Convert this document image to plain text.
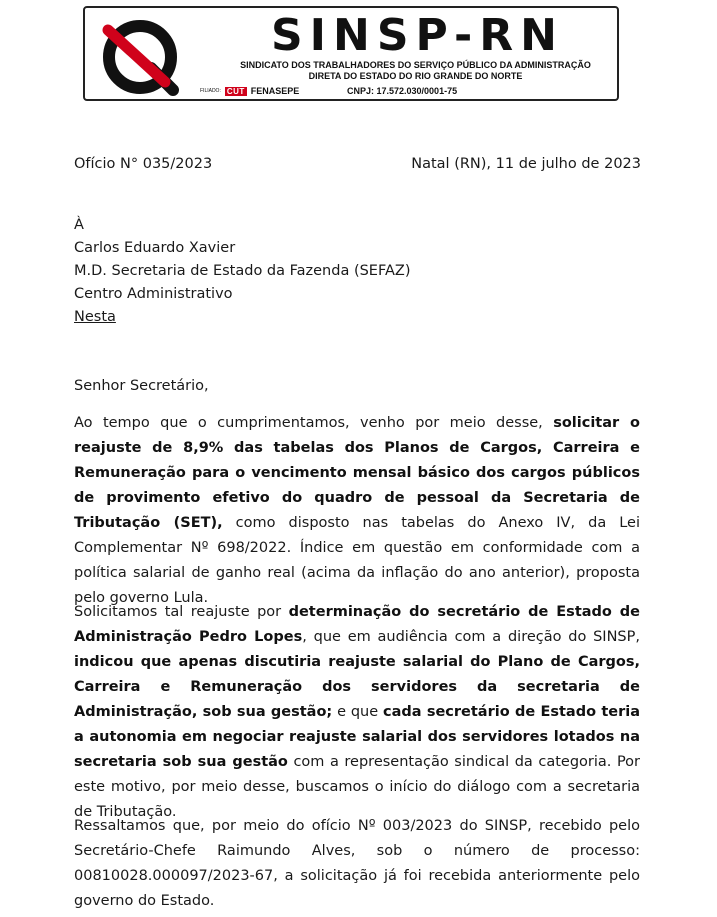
SINSP-RN
SINDICATO DOS TRABALHADORES DO SERVIÇO PÚBLICO DA ADMINISTRAÇÃO
DIRETA DO ESTADO DO RIO GRANDE DO NORTE
FILIADO: CUT FENASEPE	CNPJ: 17.572.030/0001-75
Ofício N° 035/2023	Natal (RN), 11 de julho de 2023
À
Carlos Eduardo Xavier
M.D. Secretaria de Estado da Fazenda (SEFAZ)
Centro Administrativo
Nesta
Senhor Secretário,

Ao tempo que o cumprimentamos, venho por meio desse, solicitar o reajuste de 8,9% das tabelas dos Planos de Cargos, Carreira e Remuneração para o vencimento mensal básico dos cargos públicos de provimento efetivo do quadro de pessoal da Secretaria de Tributação (SET), como disposto nas tabelas do Anexo IV, da Lei Complementar Nº 698/2022. Índice em questão em conformidade com a política salarial de ganho real (acima da inflação do ano anterior), proposta pelo governo Lula.

Solicitamos tal reajuste por determinação do secretário de Estado de Administração Pedro Lopes, que em audiência com a direção do SINSP, indicou que apenas discutiria reajuste salarial do Plano de Cargos, Carreira e Remuneração dos servidores da secretaria de Administração, sob sua gestão; e que cada secretário de Estado teria a autonomia em negociar reajuste salarial dos servidores lotados na secretaria sob sua gestão com a representação sindical da categoria. Por este motivo, por meio desse, buscamos o início do diálogo com a secretaria de Tributação.

Ressaltamos que, por meio do ofício Nº 003/2023 do SINSP, recebido pelo Secretário-Chefe Raimundo Alves, sob o número de processo: 00810028.000097/2023-67, a solicitação já foi recebida anteriormente pelo governo do Estado.
